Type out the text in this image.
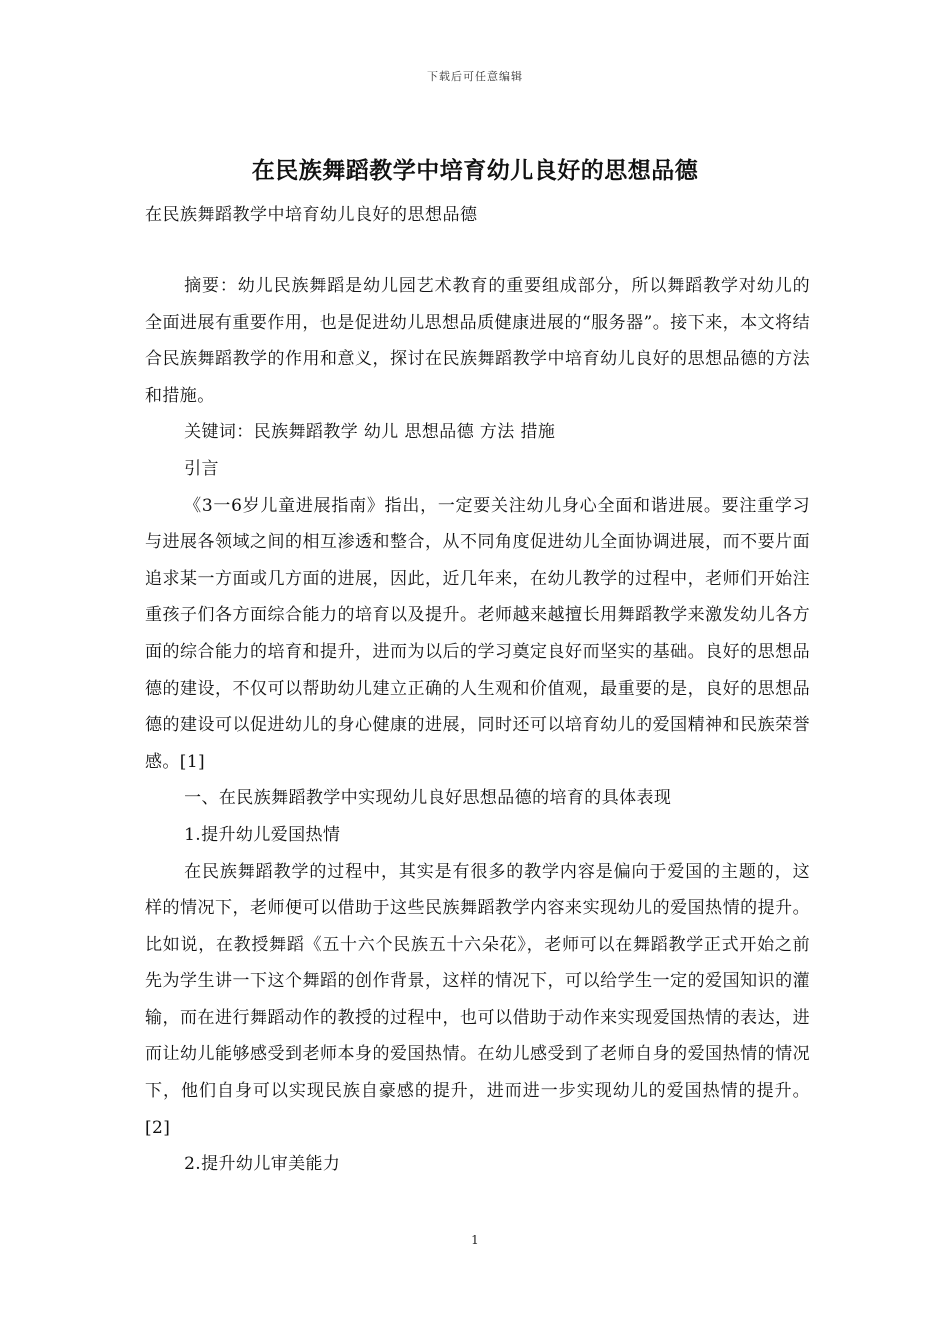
下载后可任意编辑
在民族舞蹈教学中培育幼儿良好的思想品德
在民族舞蹈教学中培育幼儿良好的思想品德

摘要：幼儿民族舞蹈是幼儿园艺术教育的重要组成部分，所以舞蹈教学对幼儿的全面进展有重要作用，也是促进幼儿思想品质健康进展的“服务器”。接下来，本文将结合民族舞蹈教学的作用和意义，探讨在民族舞蹈教学中培育幼儿良好的思想品德的方法和措施。

关键词：民族舞蹈教学 幼儿 思想品德 方法 措施

引言

《3一6岁儿童进展指南》指出，一定要关注幼儿身心全面和谐进展。要注重学习与进展各领域之间的相互渗透和整合，从不同角度促进幼儿全面协调进展，而不要片面追求某一方面或几方面的进展，因此，近几年来，在幼儿教学的过程中，老师们开始注重孩子们各方面综合能力的培育以及提升。老师越来越擅长用舞蹈教学来激发幼儿各方面的综合能力的培育和提升，进而为以后的学习奠定良好而坚实的基础。良好的思想品德的建设，不仅可以帮助幼儿建立正确的人生观和价值观，最重要的是，良好的思想品德的建设可以促进幼儿的身心健康的进展，同时还可以培育幼儿的爱国精神和民族荣誉感。[1]

一、在民族舞蹈教学中实现幼儿良好思想品德的培育的具体表现

1.提升幼儿爱国热情

在民族舞蹈教学的过程中，其实是有很多的教学内容是偏向于爱国的主题的，这样的情况下，老师便可以借助于这些民族舞蹈教学内容来实现幼儿的爱国热情的提升。比如说，在教授舞蹈《五十六个民族五十六朵花》，老师可以在舞蹈教学正式开始之前先为学生讲一下这个舞蹈的创作背景，这样的情况下，可以给学生一定的爱国知识的灌输，而在进行舞蹈动作的教授的过程中，也可以借助于动作来实现爱国热情的表达，进而让幼儿能够感受到老师本身的爱国热情。在幼儿感受到了老师自身的爱国热情的情况下，他们自身可以实现民族自豪感的提升，进而进一步实现幼儿的爱国热情的提升。[2]

2.提升幼儿审美能力

1
